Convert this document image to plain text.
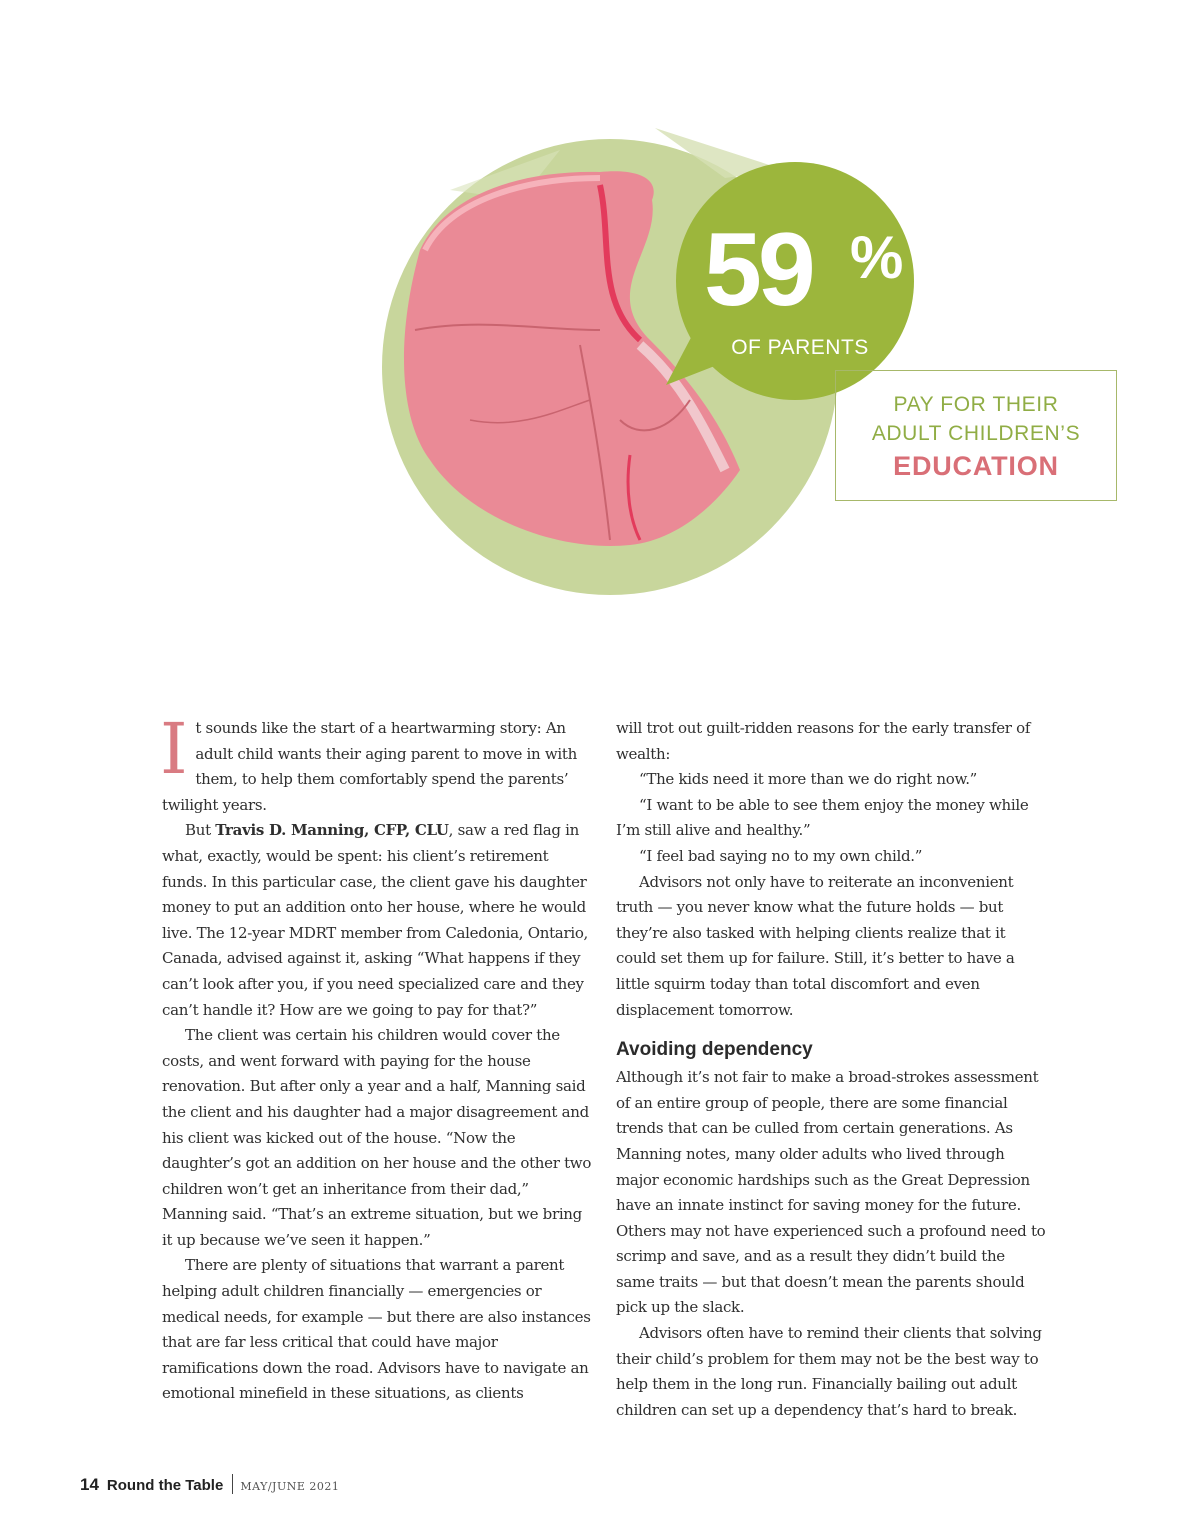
59 %
OF PARENTS
PAY FOR THEIR
ADULT CHILDREN’S
EDUCATION

It sounds like the start of a heartwarming story: An adult child wants their aging parent to move in with them, to help them comfortably spend the parents’ twilight years.

But Travis D. Manning, CFP, CLU, saw a red flag in what, exactly, would be spent: his client’s retirement funds. In this particular case, the client gave his daughter money to put an addition onto her house, where he would live. The 12-year MDRT member from Caledonia, Ontario, Canada, advised against it, asking “What happens if they can’t look after you, if you need specialized care and they can’t handle it? How are we going to pay for that?”

The client was certain his children would cover the costs, and went forward with paying for the house renovation. But after only a year and a half, Manning said the client and his daughter had a major disagreement and his client was kicked out of the house. “Now the daughter’s got an addition on her house and the other two children won’t get an inheritance from their dad,” Manning said. “That’s an extreme situation, but we bring it up because we’ve seen it happen.”

There are plenty of situations that warrant a parent helping adult children financially — emergencies or medical needs, for example — but there are also instances that are far less critical that could have major ramifications down the road. Advisors have to navigate an emotional minefield in these situations, as clients

will trot out guilt-ridden reasons for the early transfer of wealth:

“The kids need it more than we do right now.”

“I want to be able to see them enjoy the money while I’m still alive and healthy.”

“I feel bad saying no to my own child.”

Advisors not only have to reiterate an inconvenient truth — you never know what the future holds — but they’re also tasked with helping clients realize that it could set them up for failure. Still, it’s better to have a little squirm today than total discomfort and even displacement tomorrow.

Avoiding dependency

Although it’s not fair to make a broad-strokes assessment of an entire group of people, there are some financial trends that can be culled from certain generations. As Manning notes, many older adults who lived through major economic hardships such as the Great Depression have an innate instinct for saving money for the future. Others may not have experienced such a profound need to scrimp and save, and as a result they didn’t build the same traits — but that doesn’t mean the parents should pick up the slack.

Advisors often have to remind their clients that solving their child’s problem for them may not be the best way to help them in the long run. Financially bailing out adult children can set up a dependency that’s hard to break.

14 Round the Table MAY/JUNE 2021
